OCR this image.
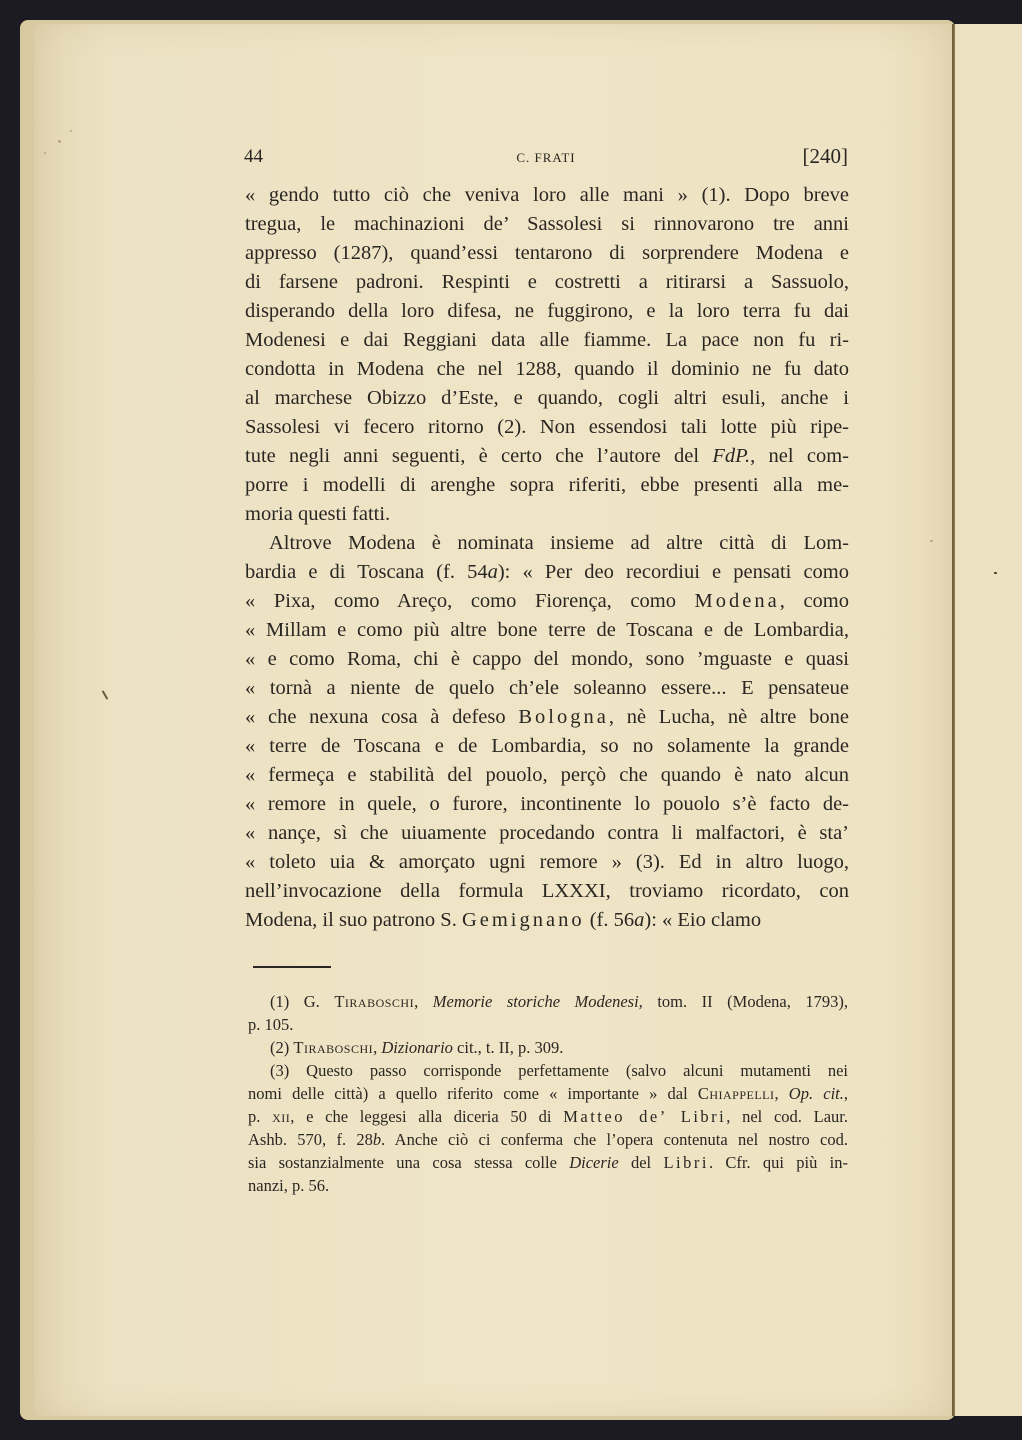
44	C. FRATI	[240]
« gendo tutto ciò che veniva loro alle mani » (1). Dopo breve
tregua, le machinazioni de’ Sassolesi si rinnovarono tre anni
appresso (1287), quand’essi tentarono di sorprendere Modena e
di farsene padroni. Respinti e costretti a ritirarsi a Sassuolo,
disperando della loro difesa, ne fuggirono, e la loro terra fu dai
Modenesi e dai Reggiani data alle fiamme. La pace non fu ri-
condotta in Modena che nel 1288, quando il dominio ne fu dato
al marchese Obizzo d’Este, e quando, cogli altri esuli, anche i
Sassolesi vi fecero ritorno (2). Non essendosi tali lotte più ripe-
tute negli anni seguenti, è certo che l’autore del FdP., nel com-
porre i modelli di arenghe sopra riferiti, ebbe presenti alla me-
moria questi fatti.
Altrove Modena è nominata insieme ad altre città di Lom-
bardia e di Toscana (f. 54a): « Per deo recordiui e pensati como
« Pixa, como Areço, como Fiorença, como Modena, como
« Millam e como più altre bone terre de Toscana e de Lombardia,
« e como Roma, chi è cappo del mondo, sono ’mguaste e quasi
« tornà a niente de quelo ch’ele soleanno essere... E pensateue
« che nexuna cosa à defeso Bologna, nè Lucha, nè altre bone
« terre de Toscana e de Lombardia, so no solamente la grande
« fermeça e stabilità del pouolo, perçò che quando è nato alcun
« remore in quele, o furore, incontinente lo pouolo s’è facto de-
« nançe, sì che uiuamente procedando contra li malfactori, è sta’
« toleto uia & amorçato ugni remore » (3). Ed in altro luogo,
nell’invocazione della formula LXXXI, troviamo ricordato, con
Modena, il suo patrono S. Gemignano (f. 56a): « Eio clamo
(1) G. Tiraboschi, Memorie storiche Modenesi, tom. II (Modena, 1793),
p. 105.
(2) Tiraboschi, Dizionario cit., t. II, p. 309.
(3) Questo passo corrisponde perfettamente (salvo alcuni mutamenti nei
nomi delle città) a quello riferito come « importante » dal Chiappelli, Op. cit.,
p. xii, e che leggesi alla diceria 50 di Matteo de’ Libri, nel cod. Laur.
Ashb. 570, f. 28b. Anche ciò ci conferma che l’opera contenuta nel nostro cod.
sia sostanzialmente una cosa stessa colle Dicerie del Libri. Cfr. qui più in-
nanzi, p. 56.
